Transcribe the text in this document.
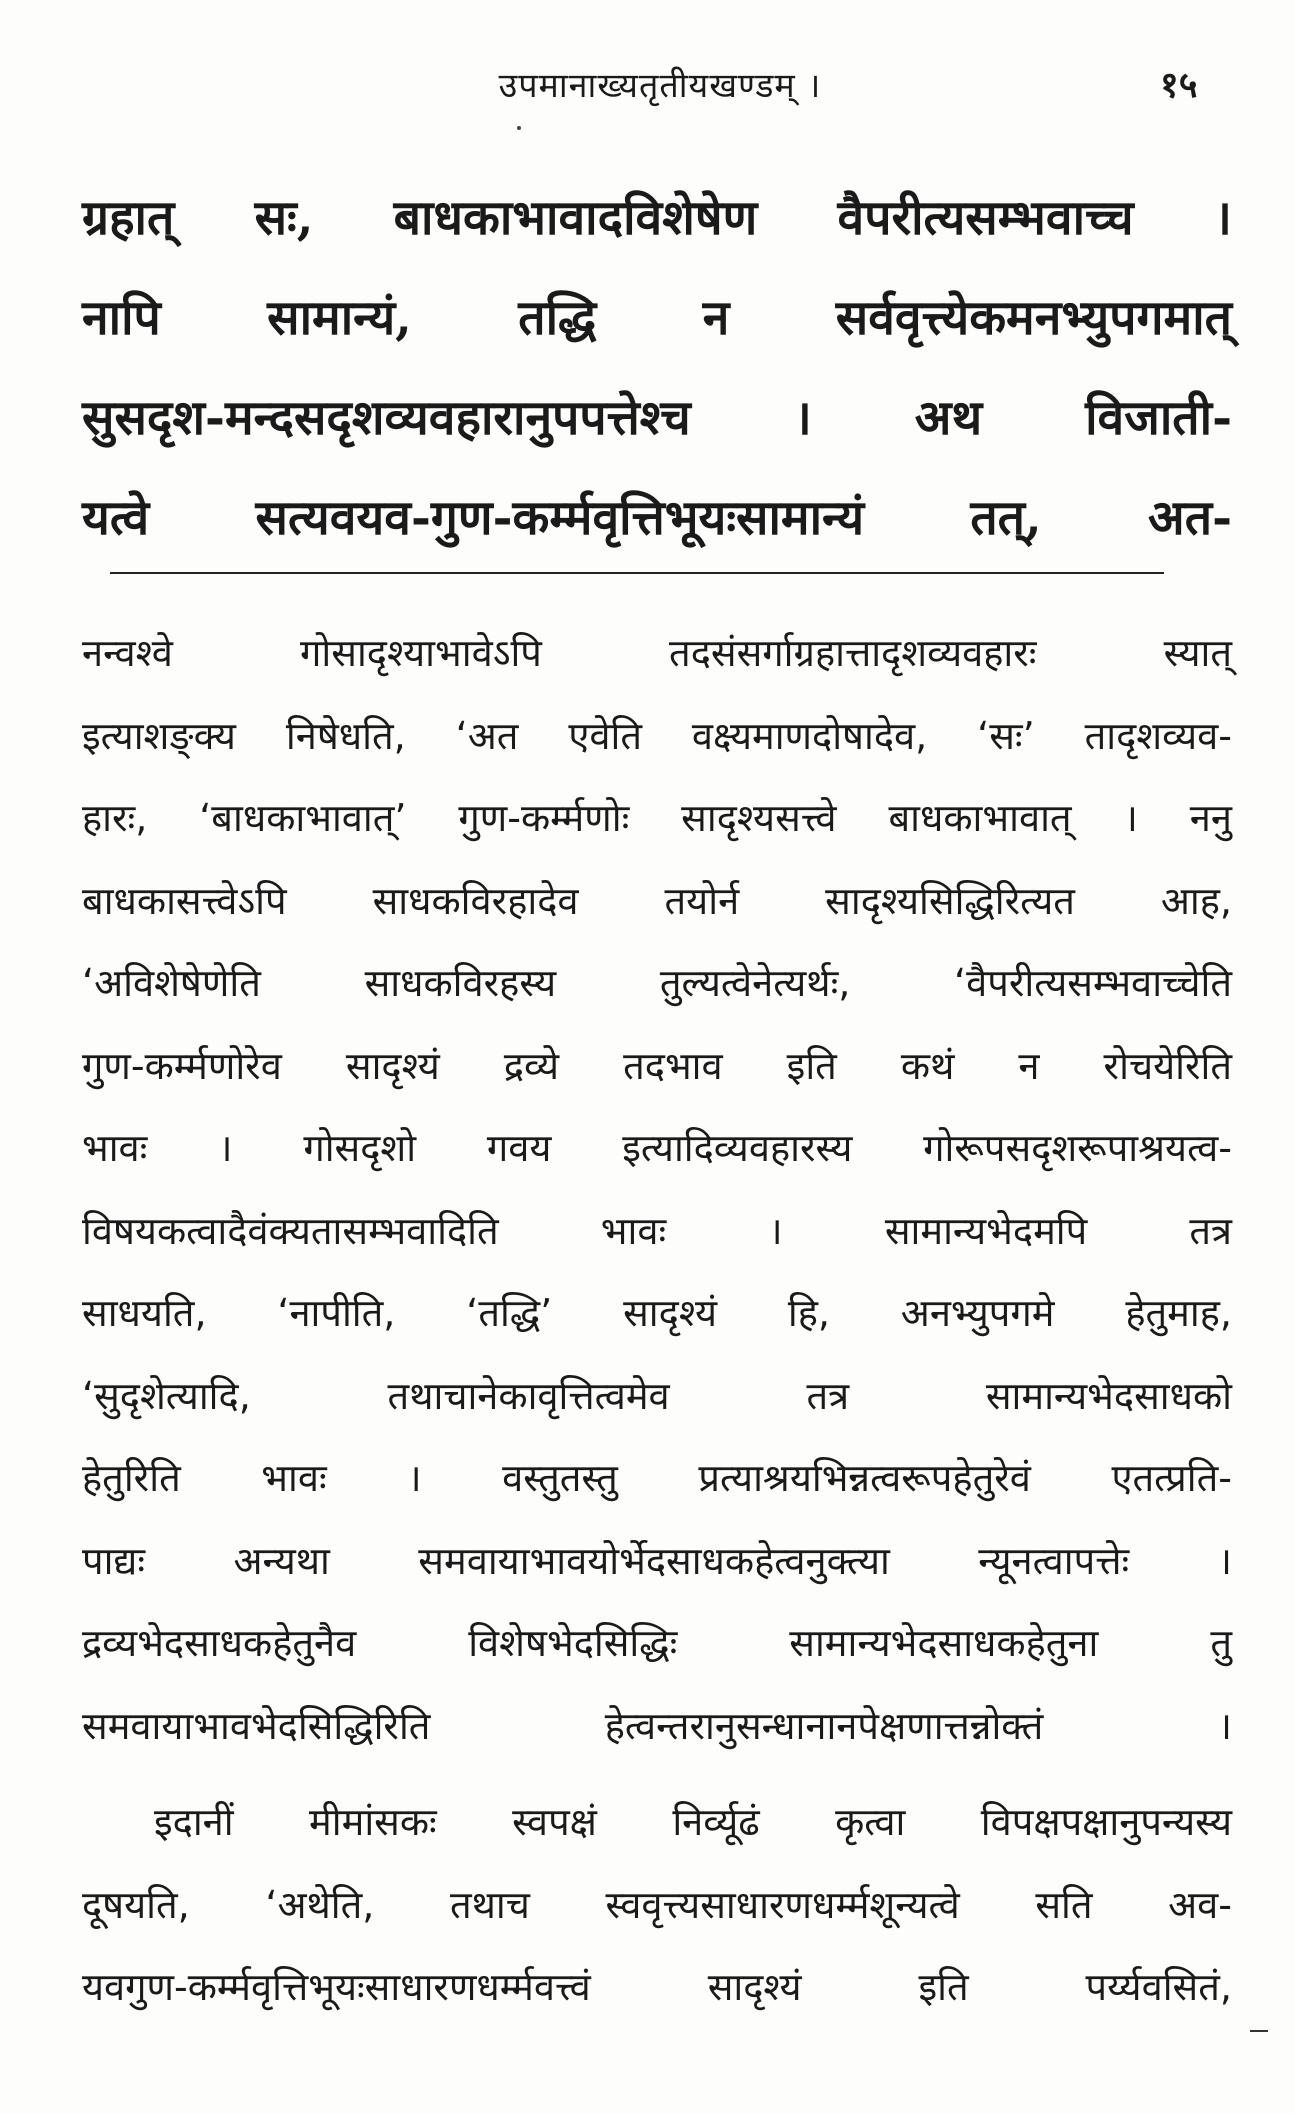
उपमानाख्यतृतीयखण्डम् ।	१५
ग्रहात् सः, बाधकाभावादविशेषेण वैपरीत्यसम्भवाच्च ।
नापि सामान्यं, तद्धि न सर्ववृत्त्येकमनभ्युपगमात्
सुसदृश-मन्दसदृशव्यवहारानुपपत्तेश्च । अथ विजाती-
यत्वे सत्यवयव-गुण-कर्म्मवृत्तिभूयःसामान्यं तत्, अत-
नन्वश्वे गोसादृश्याभावेऽपि तदसंसर्गाग्रहात्तादृशव्यवहारः स्यात्
इत्याशङ्क्य निषेधति, ‘अत एवेति वक्ष्यमाणदोषादेव, ‘सः’ तादृशव्यव-
हारः, ‘बाधकाभावात्’ गुण-कर्म्मणोः सादृश्यसत्त्वे बाधकाभावात् । ननु
बाधकासत्त्वेऽपि साधकविरहादेव तयोर्न सादृश्यसिद्धिरित्यत आह,
‘अविशेषेणेति साधकविरहस्य तुल्यत्वेनेत्यर्थः, ‘वैपरीत्यसम्भवाच्चेति
गुण-कर्म्मणोरेव सादृश्यं द्रव्ये तदभाव इति कथं न रोचयेरिति
भावः । गोसदृशो गवय इत्यादिव्यवहारस्य गोरूपसदृशरूपाश्रयत्व-
विषयकत्वादैवंक्यतासम्भवादिति भावः । सामान्यभेदमपि तत्र
साधयति, ‘नापीति, ‘तद्धि’ सादृश्यं हि, अनभ्युपगमे हेतुमाह,
‘सुदृशेत्यादि, तथाचानेकावृत्तित्वमेव तत्र सामान्यभेदसाधको
हेतुरिति भावः । वस्तुतस्तु प्रत्याश्रयभिन्नत्वरूपहेतुरेवं एतत्प्रति-
पाद्यः अन्यथा समवायाभावयोर्भेदसाधकहेत्वनुक्त्या न्यूनत्वापत्तेः ।
द्रव्यभेदसाधकहेतुनैव विशेषभेदसिद्धिः सामान्यभेदसाधकहेतुना तु
समवायाभावभेदसिद्धिरिति हेत्वन्तरानुसन्धानानपेक्षणात्तन्नोक्तं ।
इदानीं मीमांसकः स्वपक्षं निर्व्यूढं कृत्वा विपक्षपक्षानुपन्यस्य
दूषयति, ‘अथेति, तथाच स्ववृत्त्यसाधारणधर्म्मशून्यत्वे सति अव-
यवगुण-कर्म्मवृत्तिभूयःसाधारणधर्म्मवत्त्वं सादृश्यं इति पर्य्यवसितं,
